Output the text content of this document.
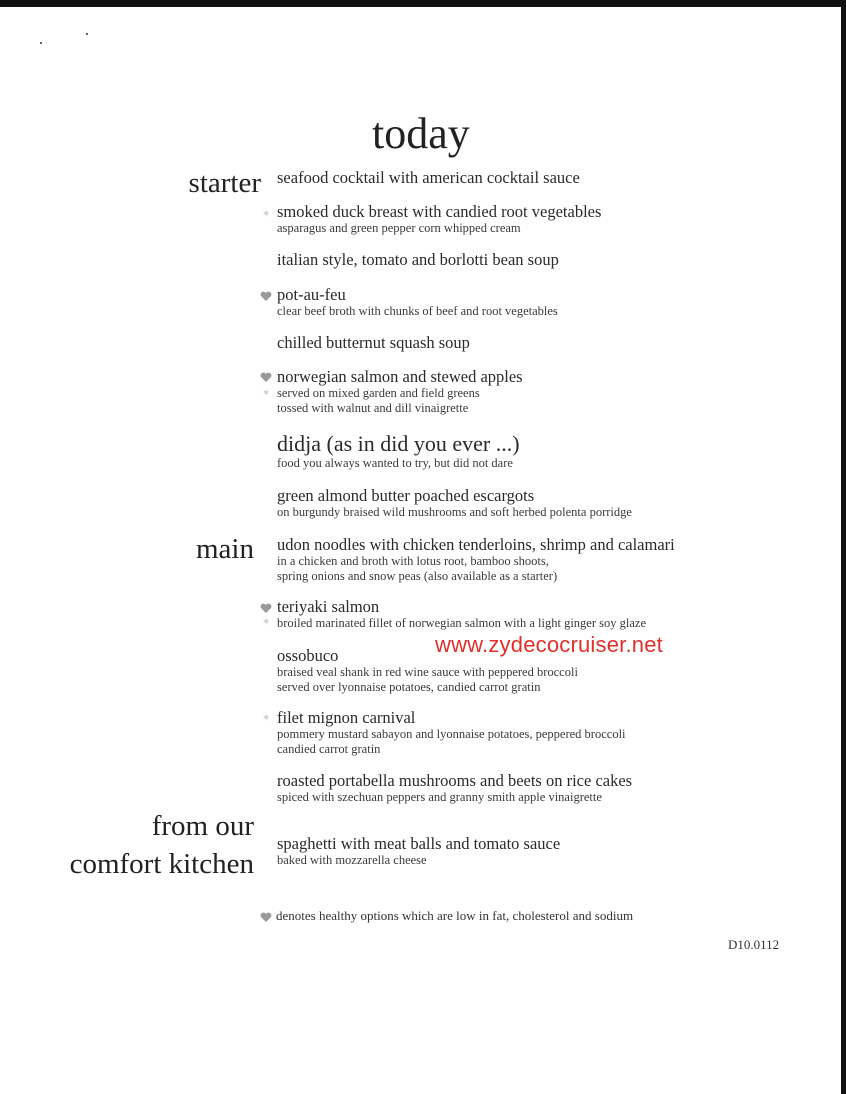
today
starter
main
from our
comfort kitchen
seafood cocktail with american cocktail sauce
✶ smoked duck breast with candied root vegetables
asparagus and green pepper corn whipped cream
italian style, tomato and borlotti bean soup
pot-au-feu
clear beef broth with chunks of beef and root vegetables
chilled butternut squash soup
✶
norwegian salmon and stewed apples
served on mixed garden and field greens
tossed with walnut and dill vinaigrette
didja (as in did you ever ...)
food you always wanted to try, but did not dare
green almond butter poached escargots
on burgundy braised wild mushrooms and soft herbed polenta porridge
udon noodles with chicken tenderloins, shrimp and calamari
in a chicken and broth with lotus root, bamboo shoots,
spring onions and snow peas (also available as a starter)
✶
teriyaki salmon
broiled marinated fillet of norwegian salmon with a light ginger soy glaze
ossobuco
braised veal shank in red wine sauce with peppered broccoli
served over lyonnaise potatoes, candied carrot gratin
✶ filet mignon carnival
pommery mustard sabayon and lyonnaise potatoes, peppered broccoli
candied carrot gratin
roasted portabella mushrooms and beets on rice cakes
spiced with szechuan peppers and granny smith apple vinaigrette
spaghetti with meat balls and tomato sauce
baked with mozzarella cheese
www.zydecocruiser.net
denotes healthy options which are low in fat, cholesterol and sodium
D10.0112
